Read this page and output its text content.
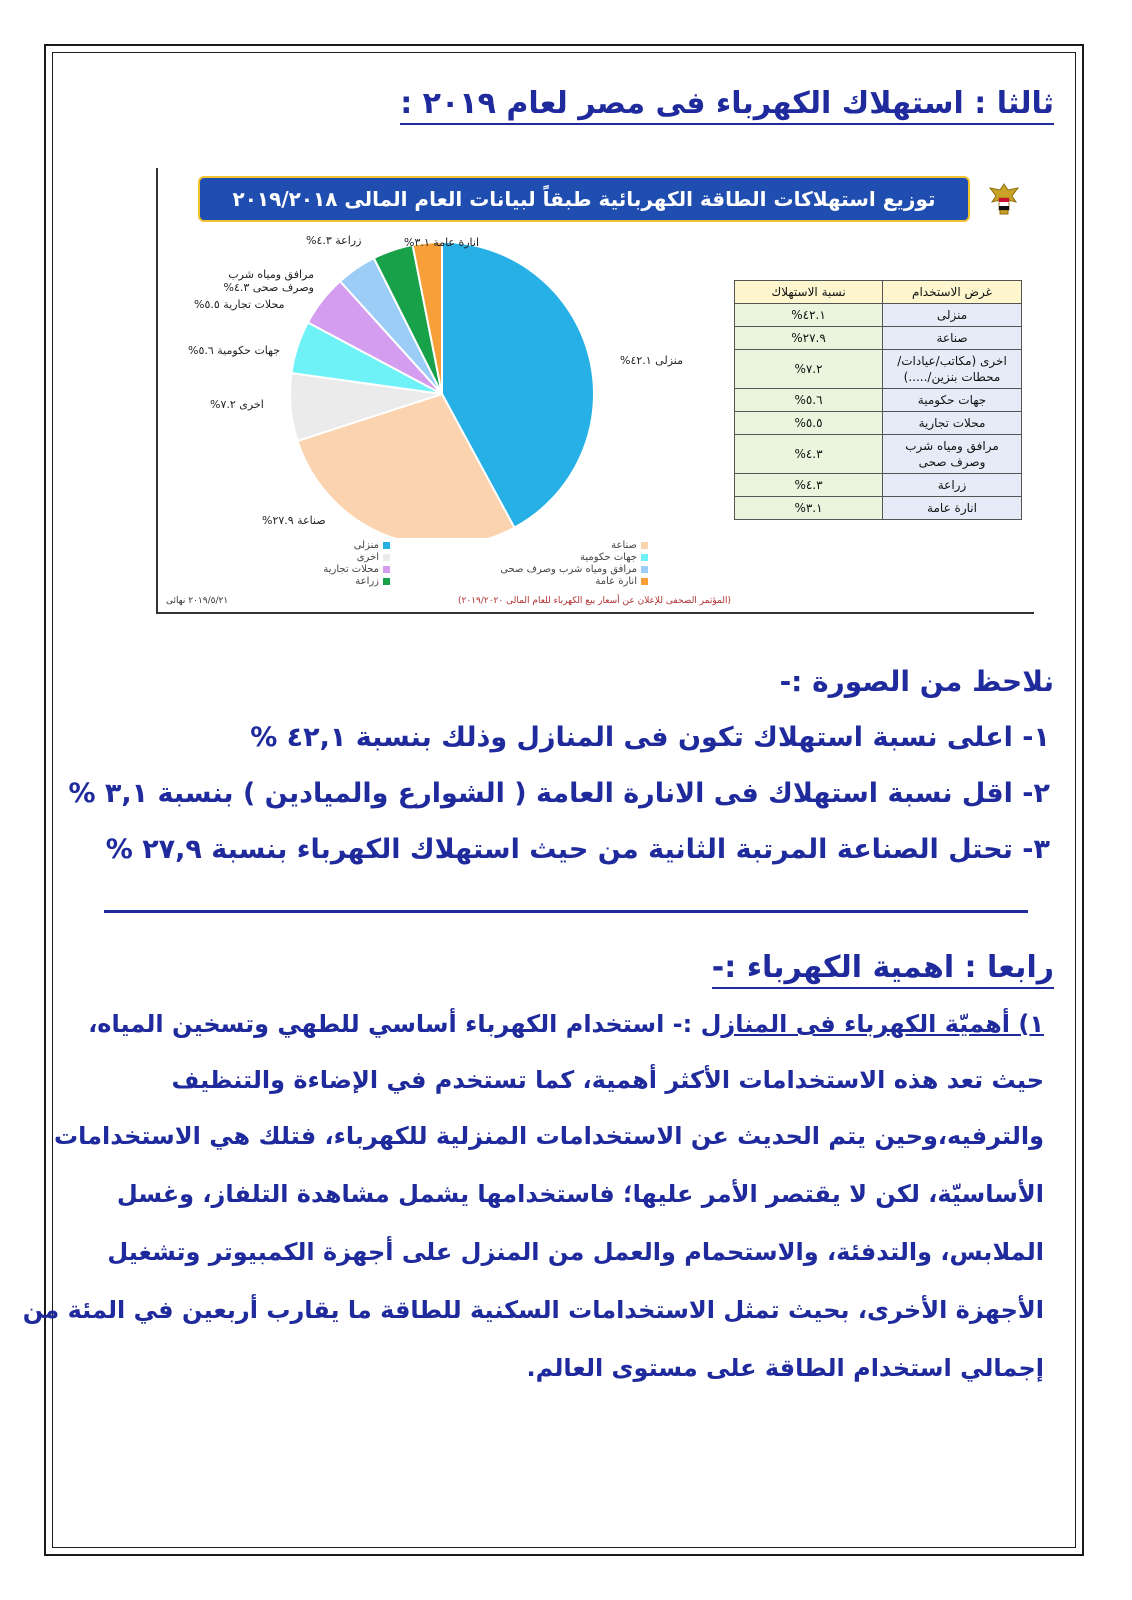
ثالثا : استهلاك الكهرباء فى مصر لعام ٢٠١٩ :
توزيع استهلاكات الطاقة الكهربائية طبقاً لبيانات العام المالى ٢٠١٩/٢٠١٨
منزلى ٤٢.١%
صناعة ٢٧.٩%
اخرى ٧.٢%
جهات حكومية ٥.٦%
محلات تجارية ٥.٥%
مرافق ومياه شرب وصرف صحى ٤.٣%
زراعة ٤.٣%	انارة عامة ٣.١%
منزلى	صناعة
اخرى	جهات حكومية
محلات تجارية	مرافق ومياه شرب وصرف صحى
زراعة	انارة عامة
غرض الاستخدام	نسبة الاستهلاك
منزلى	٤٢.١%
صناعة	٢٧.٩%
اخرى (مكاتب/عيادات/محطات بنزين/.....)	٧.٢%
جهات حكومية	٥.٦%
محلات تجارية	٥.٥%
مرافق ومياه شرب وصرف صحى	٤.٣%
زراعة	٤.٣%
انارة عامة	٣.١%
٢٠١٩/٥/٢١ نهائى	(المؤتمر الصحفى للإعلان عن أسعار بيع الكهرباء للعام المالى ٢٠١٩/٢٠٢٠)
نلاحظ من الصورة :-
١- اعلى نسبة استهلاك تكون فى المنازل وذلك بنسبة ٤٢,١ %
٢- اقل نسبة استهلاك فى الانارة العامة ( الشوارع والميادين ) بنسبة ٣,١ %
٣- تحتل الصناعة المرتبة الثانية من حيث استهلاك الكهرباء بنسبة ٢٧,٩ %
رابعا : اهمية الكهرباء :-
١) أهميّة الكهرباء فى المنازل :- استخدام الكهرباء أساسي للطهي وتسخين المياه،
حيث تعد هذه الاستخدامات الأكثر أهمية، كما تستخدم في الإضاءة والتنظيف
والترفيه،وحين يتم الحديث عن الاستخدامات المنزلية للكهرباء، فتلك هي الاستخدامات
الأساسيّة، لكن لا يقتصر الأمر عليها؛ فاستخدامها يشمل مشاهدة التلفاز، وغسل
الملابس، والتدفئة، والاستحمام والعمل من المنزل على أجهزة الكمبيوتر وتشغيل
الأجهزة الأخرى، بحيث تمثل الاستخدامات السكنية للطاقة ما يقارب أربعين في المئة من
إجمالي استخدام الطاقة على مستوى العالم.
